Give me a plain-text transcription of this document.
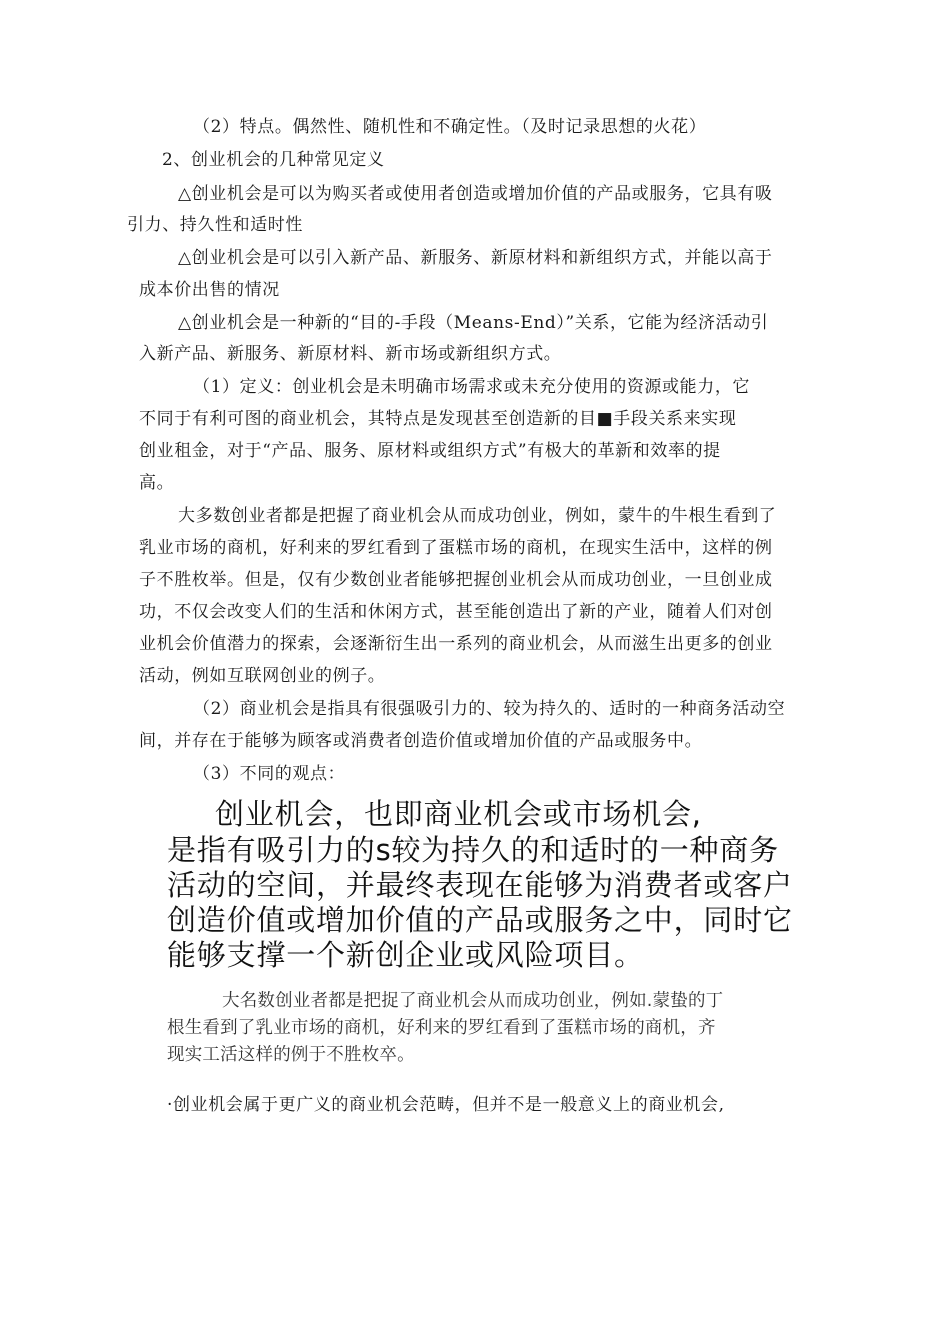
（2）特点。偶然性、随机性和不确定性。（及时记录思想的火花）
2、创业机会的几种常见定义
△创业机会是可以为购买者或使用者创造或增加价值的产品或服务，它具有吸
引力、持久性和适时性
△创业机会是可以引入新产品、新服务、新原材料和新组织方式，并能以高于
成本价出售的情况
△创业机会是一种新的“目的-手段（Means-End）”关系，它能为经济活动引
入新产品、新服务、新原材料、新市场或新组织方式。
（1）定义：创业机会是未明确市场需求或未充分使用的资源或能力，它
不同于有利可图的商业机会，其特点是发现甚至创造新的目■手段关系来实现
创业租金，对于“产品、服务、原材料或组织方式”有极大的革新和效率的提
高。
大多数创业者都是把握了商业机会从而成功创业，例如，蒙牛的牛根生看到了
乳业市场的商机，好利来的罗红看到了蛋糕市场的商机，在现实生活中，这样的例
子不胜枚举。但是，仅有少数创业者能够把握创业机会从而成功创业，一旦创业成
功，不仅会改变人们的生活和休闲方式，甚至能创造出了新的产业，随着人们对创
业机会价值潜力的探索，会逐渐衍生出一系列的商业机会，从而滋生出更多的创业
活动，例如互联网创业的例子。
（2）商业机会是指具有很强吸引力的、较为持久的、适时的一种商务活动空
间，并存在于能够为顾客或消费者创造价值或增加价值的产品或服务中。
（3）不同的观点：
创业机会，也即商业机会或市场机会,
是指有吸引力的s较为持久的和适时的一种商务
活动的空间，并最终表现在能够为消费者或客户
创造价值或增加价值的产品或服务之中，同时它
能够支撑一个新创企业或风险项目。
大名数创业者都是把捉了商业机会从而成功创业，例如.蒙蛰的丁
根生看到了乳业市场的商机，好利来的罗红看到了蛋糕市场的商机，齐
现实工活这样的例于不胜枚卒。
·创业机会属于更广义的商业机会范畴，但并不是一般意义上的商业机会,
